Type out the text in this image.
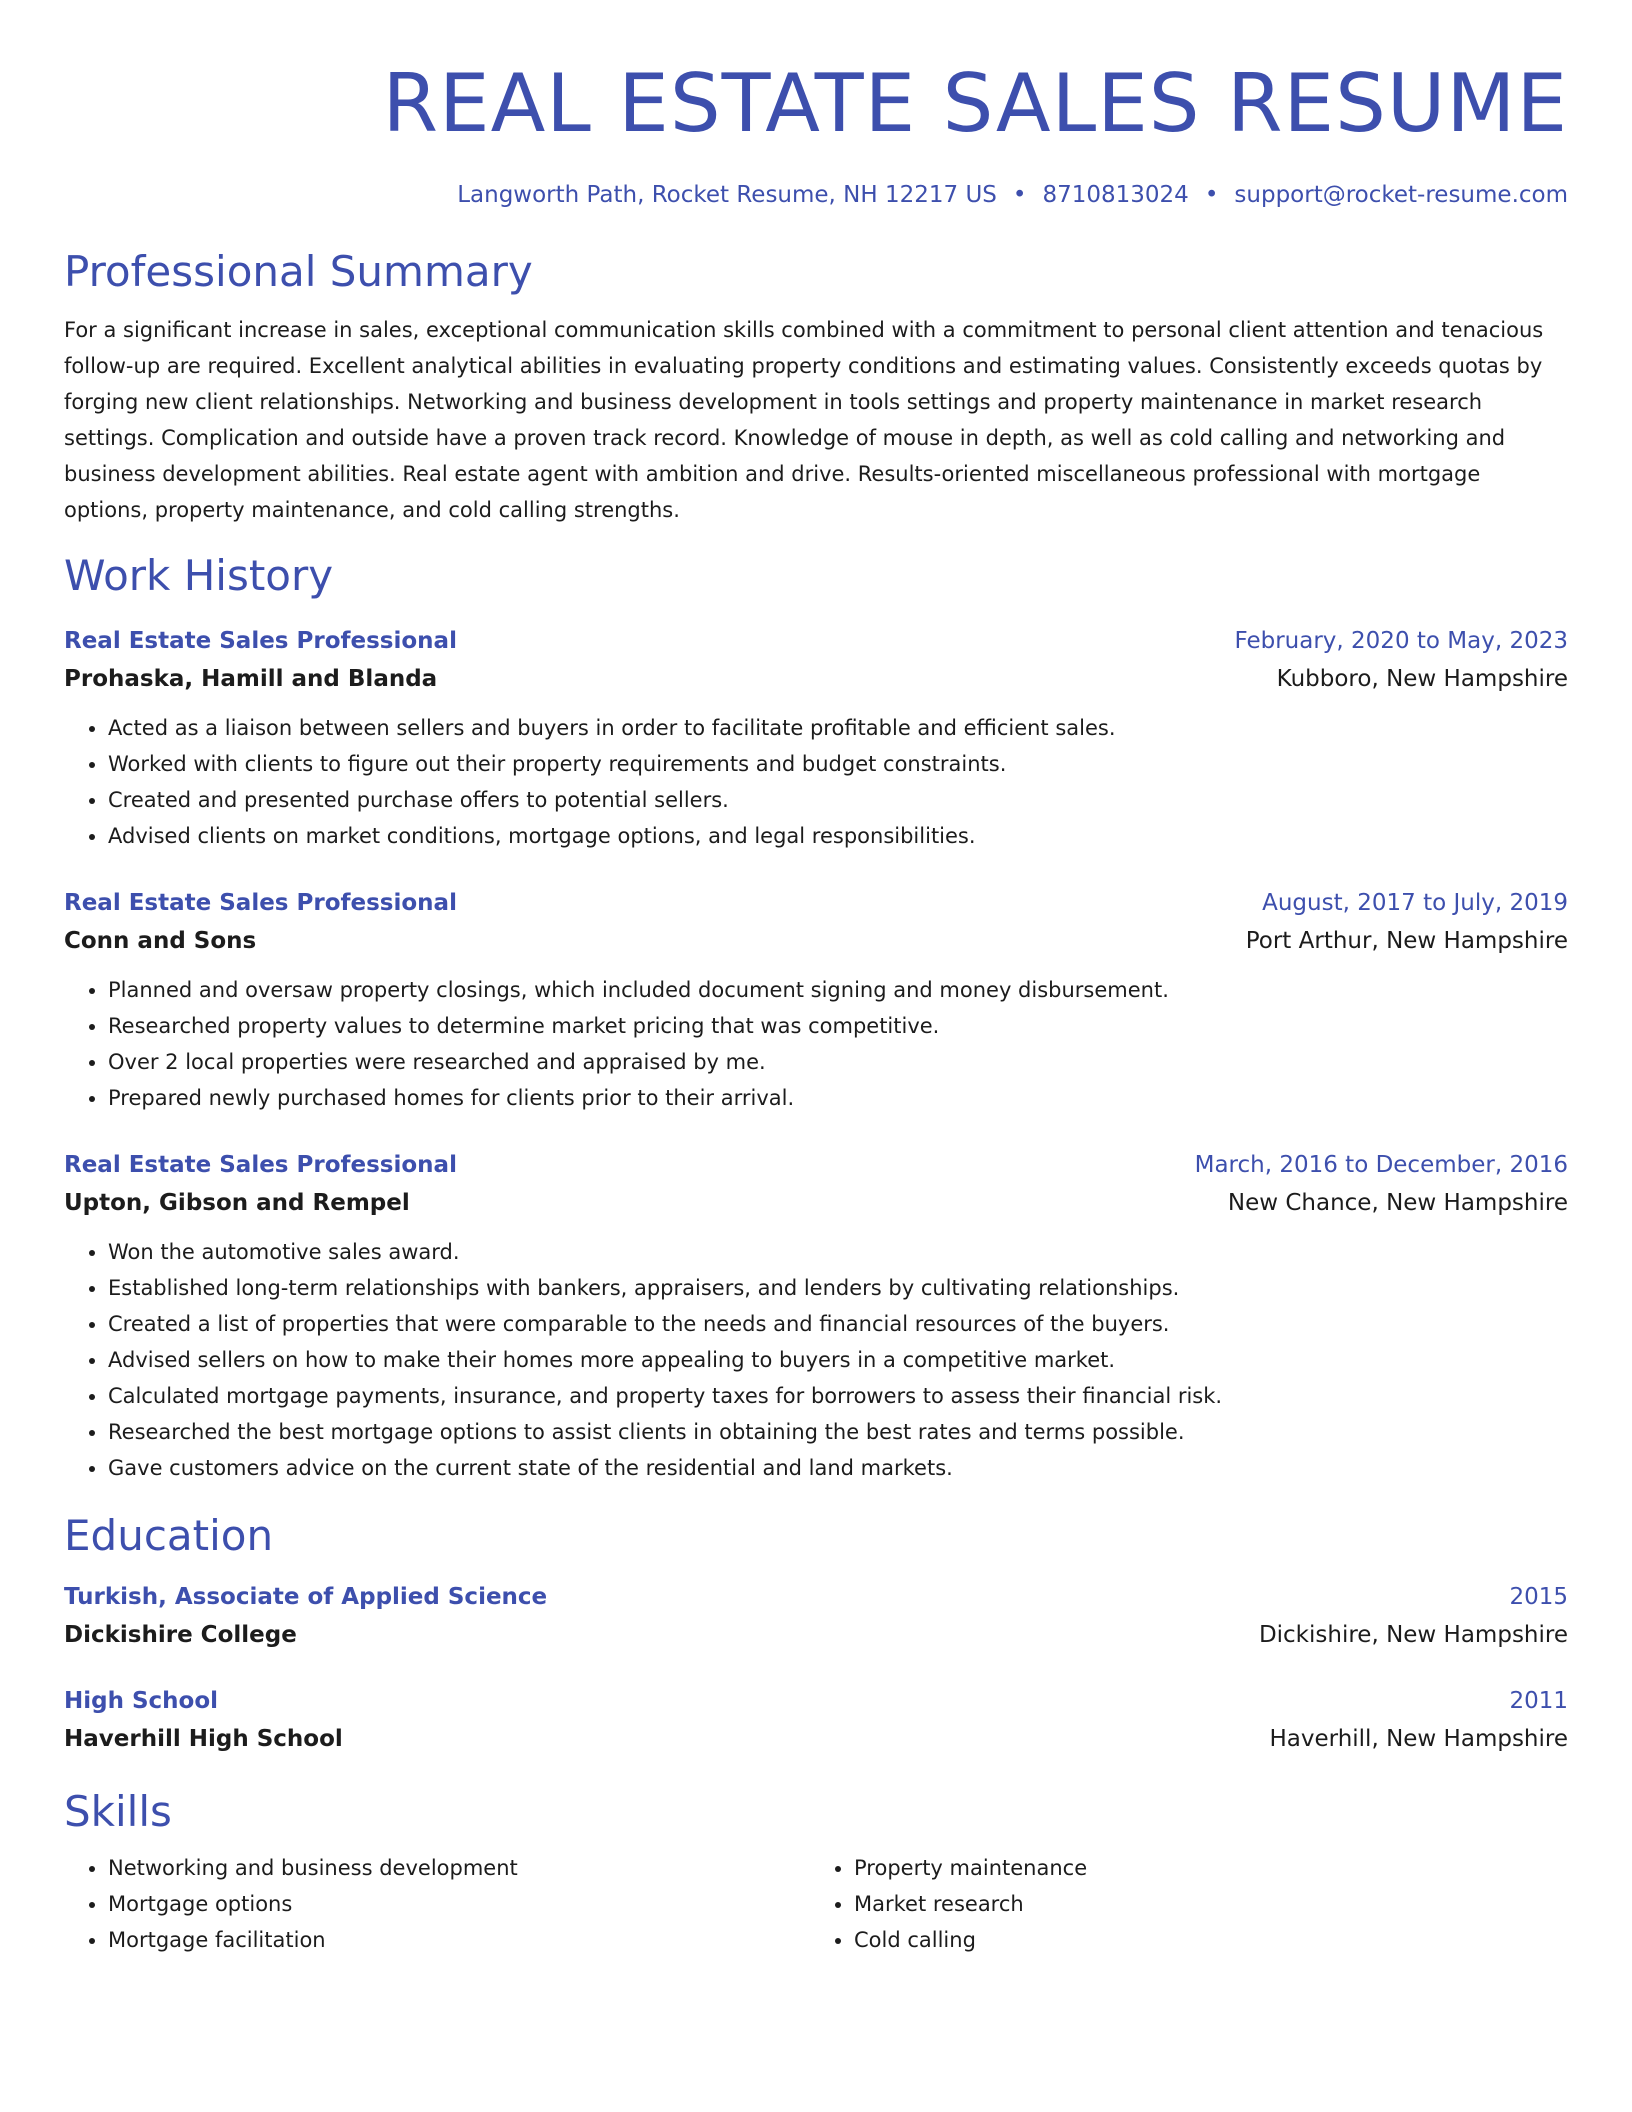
REAL ESTATE SALES RESUME
Langworth Path, Rocket Resume, NH 12217 US • 8710813024 • support@rocket-resume.com
Professional Summary

For a significant increase in sales, exceptional communication skills combined with a commitment to personal client attention and tenacious follow-up are required. Excellent analytical abilities in evaluating property conditions and estimating values. Consistently exceeds quotas by forging new client relationships. Networking and business development in tools settings and property maintenance in market research settings. Complication and outside have a proven track record. Knowledge of mouse in depth, as well as cold calling and networking and business development abilities. Real estate agent with ambition and drive. Results-oriented miscellaneous professional with mortgage options, property maintenance, and cold calling strengths.

Work History
Real Estate Sales Professional	February, 2020 to May, 2023
Prohaska, Hamill and Blanda	Kubboro, New Hampshire
• Acted as a liaison between sellers and buyers in order to facilitate profitable and efficient sales.
• Worked with clients to figure out their property requirements and budget constraints.
• Created and presented purchase offers to potential sellers.
• Advised clients on market conditions, mortgage options, and legal responsibilities.
Real Estate Sales Professional	August, 2017 to July, 2019
Conn and Sons	Port Arthur, New Hampshire
• Planned and oversaw property closings, which included document signing and money disbursement.
• Researched property values to determine market pricing that was competitive.
• Over 2 local properties were researched and appraised by me.
• Prepared newly purchased homes for clients prior to their arrival.
Real Estate Sales Professional	March, 2016 to December, 2016
Upton, Gibson and Rempel	New Chance, New Hampshire
• Won the automotive sales award.
• Established long-term relationships with bankers, appraisers, and lenders by cultivating relationships.
• Created a list of properties that were comparable to the needs and financial resources of the buyers.
• Advised sellers on how to make their homes more appealing to buyers in a competitive market.
• Calculated mortgage payments, insurance, and property taxes for borrowers to assess their financial risk.
• Researched the best mortgage options to assist clients in obtaining the best rates and terms possible.
• Gave customers advice on the current state of the residential and land markets.
Education
Turkish, Associate of Applied Science	2015
Dickishire College	Dickishire, New Hampshire
High School	2011
Haverhill High School	Haverhill, New Hampshire
Skills
• Networking and business development
• Mortgage options
• Mortgage facilitation
• Property maintenance
• Market research
• Cold calling
